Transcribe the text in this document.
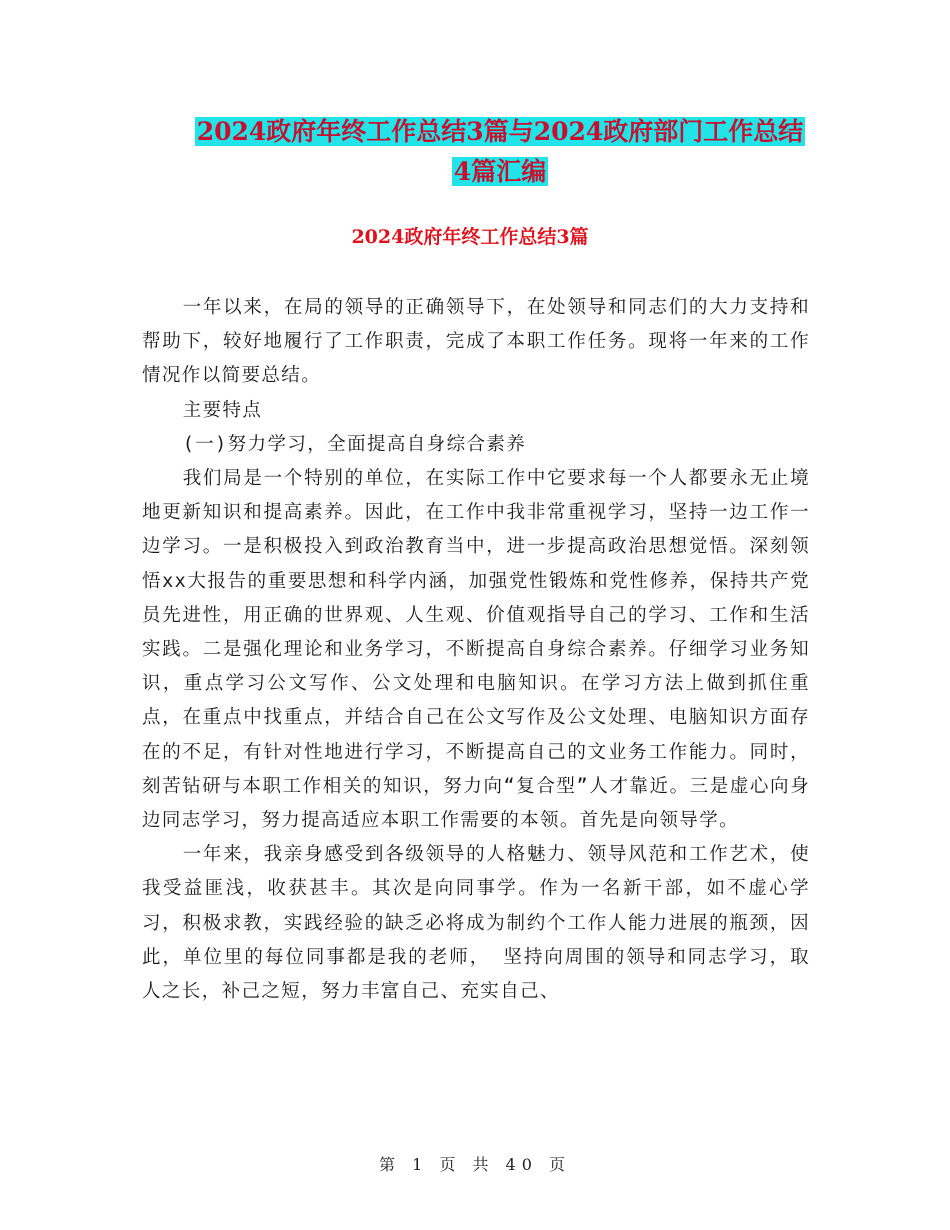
2024政府年终工作总结3篇与2024政府部门工作总结
4篇汇编
2024政府年终工作总结3篇

一年以来，在局的领导的正确领导下，在处领导和同志们的大力支持和帮助下，较好地履行了工作职责，完成了本职工作任务。现将一年来的工作情况作以简要总结。

主要特点

(一)努力学习，全面提高自身综合素养

我们局是一个特别的单位，在实际工作中它要求每一个人都要永无止境地更新知识和提高素养。因此，在工作中我非常重视学习，坚持一边工作一边学习。一是积极投入到政治教育当中，进一步提高政治思想觉悟。深刻领悟xx大报告的重要思想和科学内涵，加强党性锻炼和党性修养，保持共产党员先进性，用正确的世界观、人生观、价值观指导自己的学习、工作和生活实践。二是强化理论和业务学习，不断提高自身综合素养。仔细学习业务知识，重点学习公文写作、公文处理和电脑知识。在学习方法上做到抓住重点，在重点中找重点，并结合自己在公文写作及公文处理、电脑知识方面存在的不足，有针对性地进行学习，不断提高自己的文业务工作能力。同时，刻苦钻研与本职工作相关的知识，努力向“复合型”人才靠近。三是虚心向身边同志学习，努力提高适应本职工作需要的本领。首先是向领导学。

一年来，我亲身感受到各级领导的人格魅力、领导风范和工作艺术，使我受益匪浅，收获甚丰。其次是向同事学。作为一名新干部，如不虚心学习，积极求教，实践经验的缺乏必将成为制约个工作人能力进展的瓶颈，因此，单位里的每位同事都是我的老师， 坚持向周围的领导和同志学习，取人之长，补己之短，努力丰富自己、充实自己、

第 1 页 共 40 页
